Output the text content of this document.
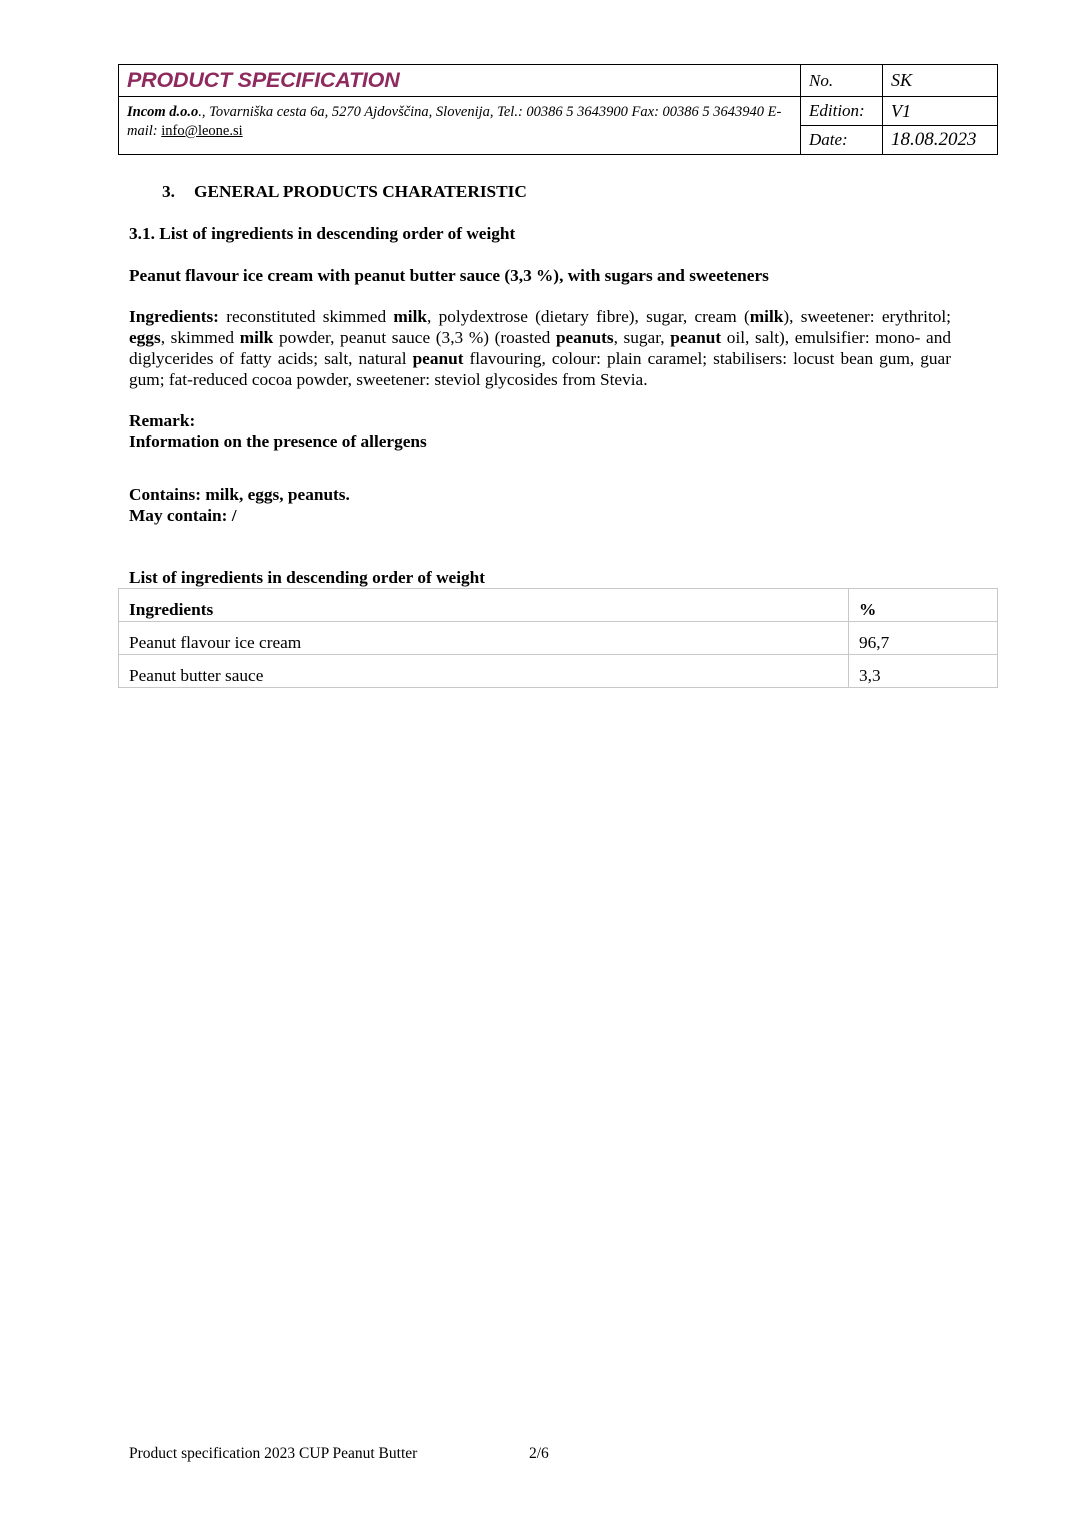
PRODUCT SPECIFICATION	No.	SK
Incom d.o.o., Tovarniška cesta 6a, 5270 Ajdovščina, Slovenija, Tel.: 00386 5 3643900 Fax: 00386 5 3643940 E-mail: info@leone.si	Edition:	V1
	Date:	18.08.2023
3. GENERAL PRODUCTS CHARATERISTIC
3.1. List of ingredients in descending order of weight
Peanut flavour ice cream with peanut butter sauce (3,3 %), with sugars and sweeteners
Ingredients: reconstituted skimmed milk, polydextrose (dietary fibre), sugar, cream (milk), sweetener: erythritol; eggs, skimmed milk powder, peanut sauce (3,3 %) (roasted peanuts, sugar, peanut oil, salt), emulsifier: mono- and diglycerides of fatty acids; salt, natural peanut flavouring, colour: plain caramel; stabilisers: locust bean gum, guar gum; fat-reduced cocoa powder, sweetener: steviol glycosides from Stevia.
Remark:
Information on the presence of allergens
Contains: milk, eggs, peanuts.
May contain: /
List of ingredients in descending order of weight
Ingredients	%
Peanut flavour ice cream	96,7
Peanut butter sauce	3,3
Product specification 2023 CUP Peanut Butter	2/6
